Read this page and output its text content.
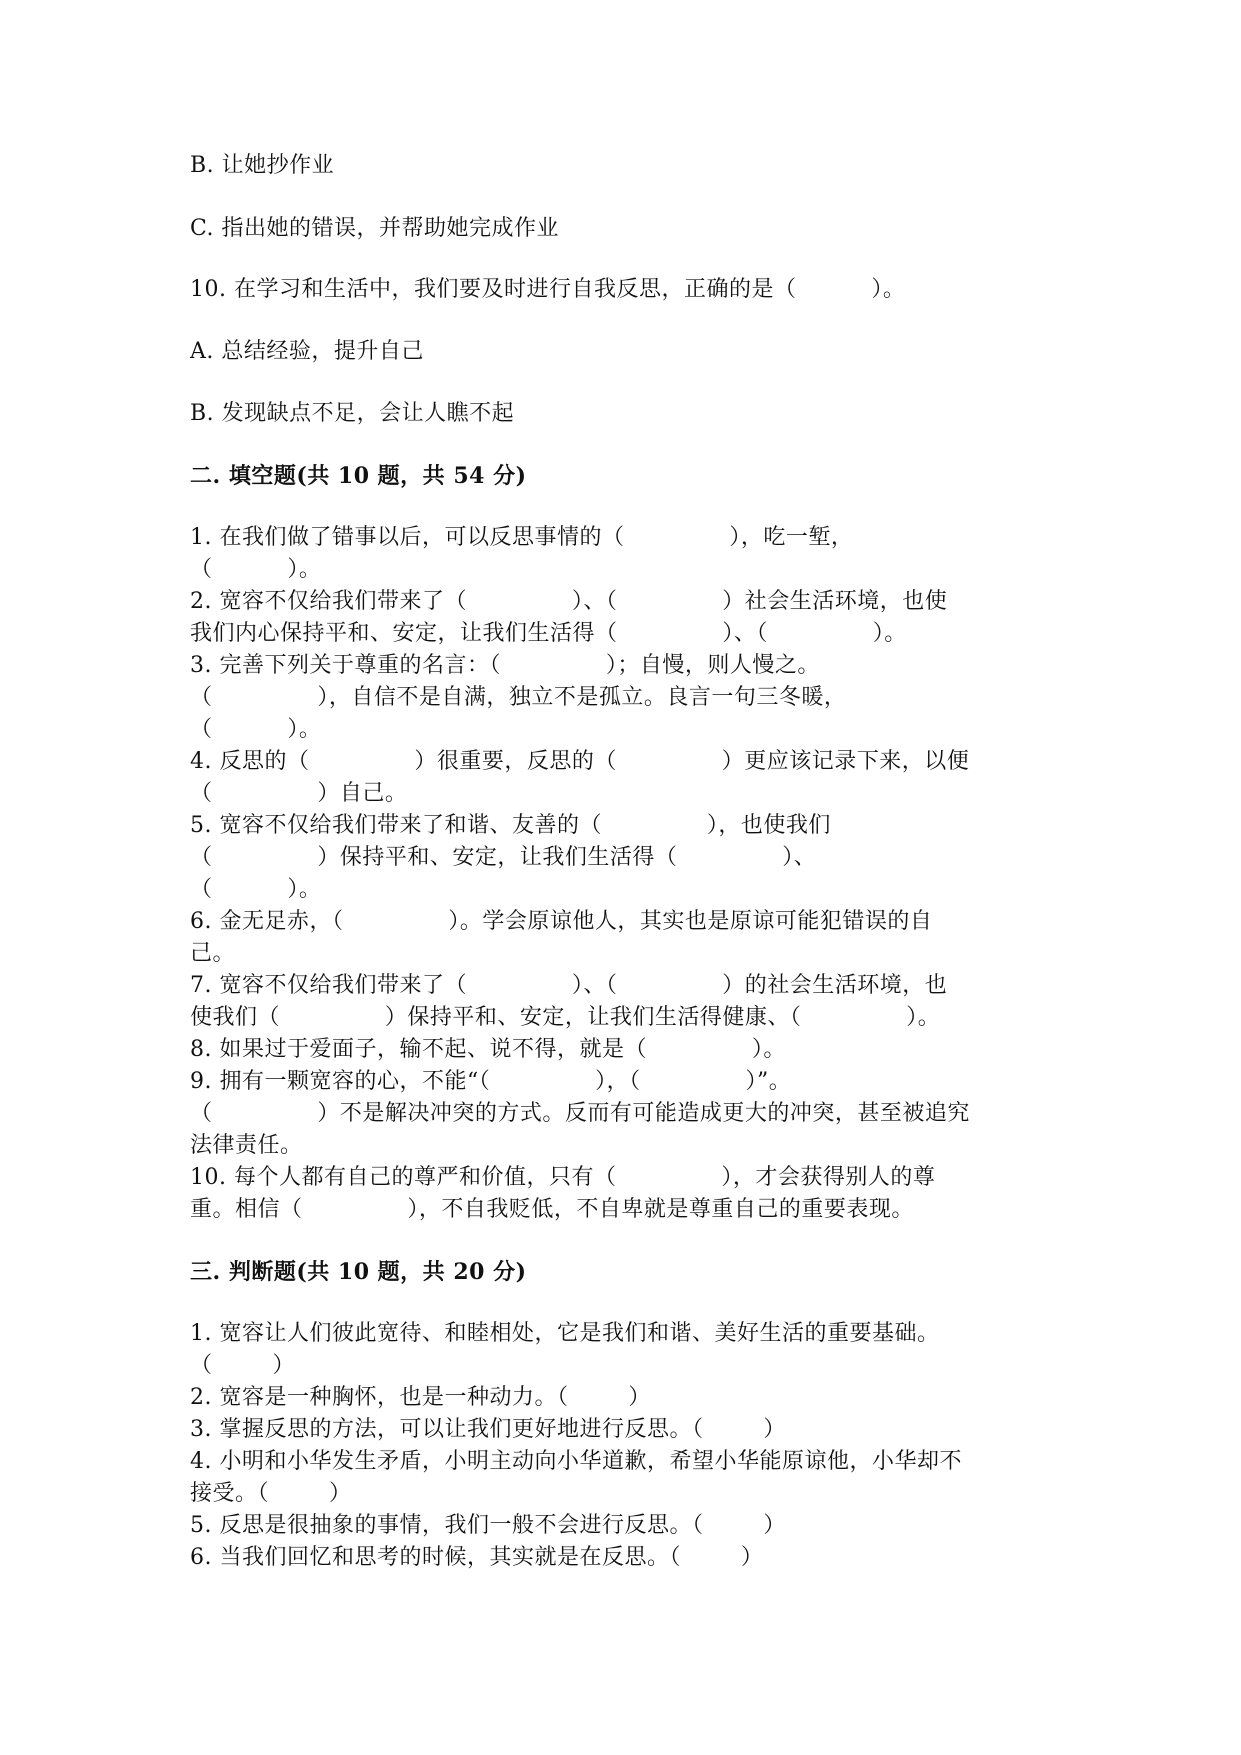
B. 让她抄作业
C. 指出她的错误，并帮助她完成作业
10. 在学习和生活中，我们要及时进行自我反思，正确的是（          ）。
A. 总结经验，提升自己
B. 发现缺点不足，会让人瞧不起
二. 填空题(共 10 题，共 54 分)
1. 在我们做了错事以后，可以反思事情的（              ），吃一堑，
（          ）。
2. 宽容不仅给我们带来了（              ）、（              ）社会生活环境，也使
我们内心保持平和、安定，让我们生活得（              ）、（              ）。
3. 完善下列关于尊重的名言：（              ）；自慢，则人慢之。
（              ），自信不是自满，独立不是孤立。良言一句三冬暖，
（          ）。
4. 反思的（              ）很重要，反思的（              ）更应该记录下来，以便
（              ）自己。
5. 宽容不仅给我们带来了和谐、友善的（              ），也使我们
（              ）保持平和、安定，让我们生活得（              ）、
（          ）。
6. 金无足赤，（              ）。学会原谅他人，其实也是原谅可能犯错误的自
己。
7. 宽容不仅给我们带来了（              ）、（              ）的社会生活环境，也
使我们（              ）保持平和、安定，让我们生活得健康、（              ）。
8. 如果过于爱面子，输不起、说不得，就是（              ）。
9. 拥有一颗宽容的心，不能“（              ），（              ）”。
（              ）不是解决冲突的方式。反而有可能造成更大的冲突，甚至被追究
法律责任。
10. 每个人都有自己的尊严和价值，只有（              ），才会获得别人的尊
重。相信（              ），不自我贬低，不自卑就是尊重自己的重要表现。
三. 判断题(共 10 题，共 20 分)
1. 宽容让人们彼此宽待、和睦相处，它是我们和谐、美好生活的重要基础。
（        ）
2. 宽容是一种胸怀，也是一种动力。（        ）
3. 掌握反思的方法，可以让我们更好地进行反思。（        ）
4. 小明和小华发生矛盾，小明主动向小华道歉，希望小华能原谅他，小华却不
接受。（        ）
5. 反思是很抽象的事情，我们一般不会进行反思。（        ）
6. 当我们回忆和思考的时候，其实就是在反思。（        ）
